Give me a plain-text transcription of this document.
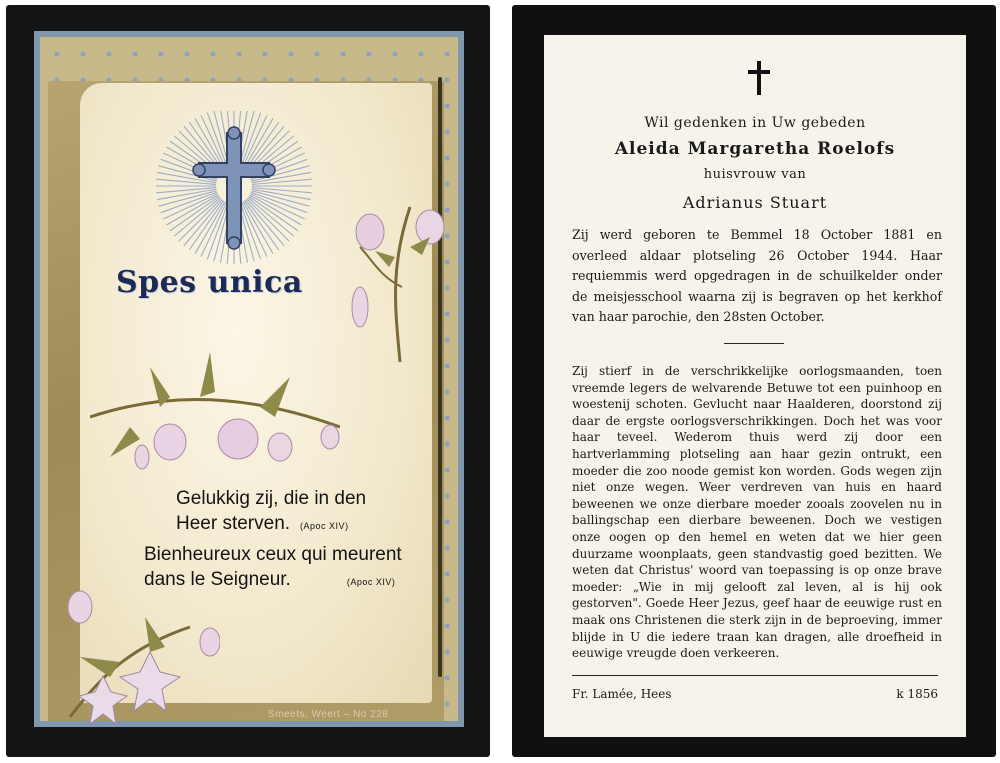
Spes unica
Gelukkig zij, die in den
Heer sterven. (Apoc XIV)
Bienheureux ceux qui meurent
dans le Seigneur.	(Apoc XIV)
Smeets, Weert – No 228
Wil gedenken in Uw gebeden
Aleida Margaretha Roelofs
huisvrouw van
Adrianus Stuart
Zij werd geboren te Bemmel 18 October 1881 en overleed aldaar plotseling 26 October 1944. Haar requiemmis werd opgedragen in de schuilkelder onder de meisjesschool waarna zij is begraven op het kerkhof van haar parochie, den 28sten October.
Zij stierf in de verschrikkelijke oorlogsmaanden, toen vreemde legers de welvarende Betuwe tot een puinhoop en woestenij schoten. Gevlucht naar Haalderen, doorstond zij daar de ergste oorlogsverschrikkingen. Doch het was voor haar teveel. Wederom thuis werd zij door een hartverlamming plotseling aan haar gezin ontrukt, een moeder die zoo noode gemist kon worden. Gods wegen zijn niet onze wegen. Weer verdreven van huis en haard beweenen we onze dierbare moeder zooals zoovelen nu in ballingschap een dierbare beweenen. Doch we vestigen onze oogen op den hemel en weten dat we hier geen duurzame woonplaats, geen standvastig goed bezitten. We weten dat Christus' woord van toepassing is op onze brave moeder: „Wie in mij gelooft zal leven, al is hij ook gestorven". Goede Heer Jezus, geef haar de eeuwige rust en maak ons Christenen die sterk zijn in de beproeving, immer blijde in U die iedere traan kan dragen, alle droefheid in eeuwige vreugde doen verkeeren.
Fr. Lamée, Hees	k 1856
